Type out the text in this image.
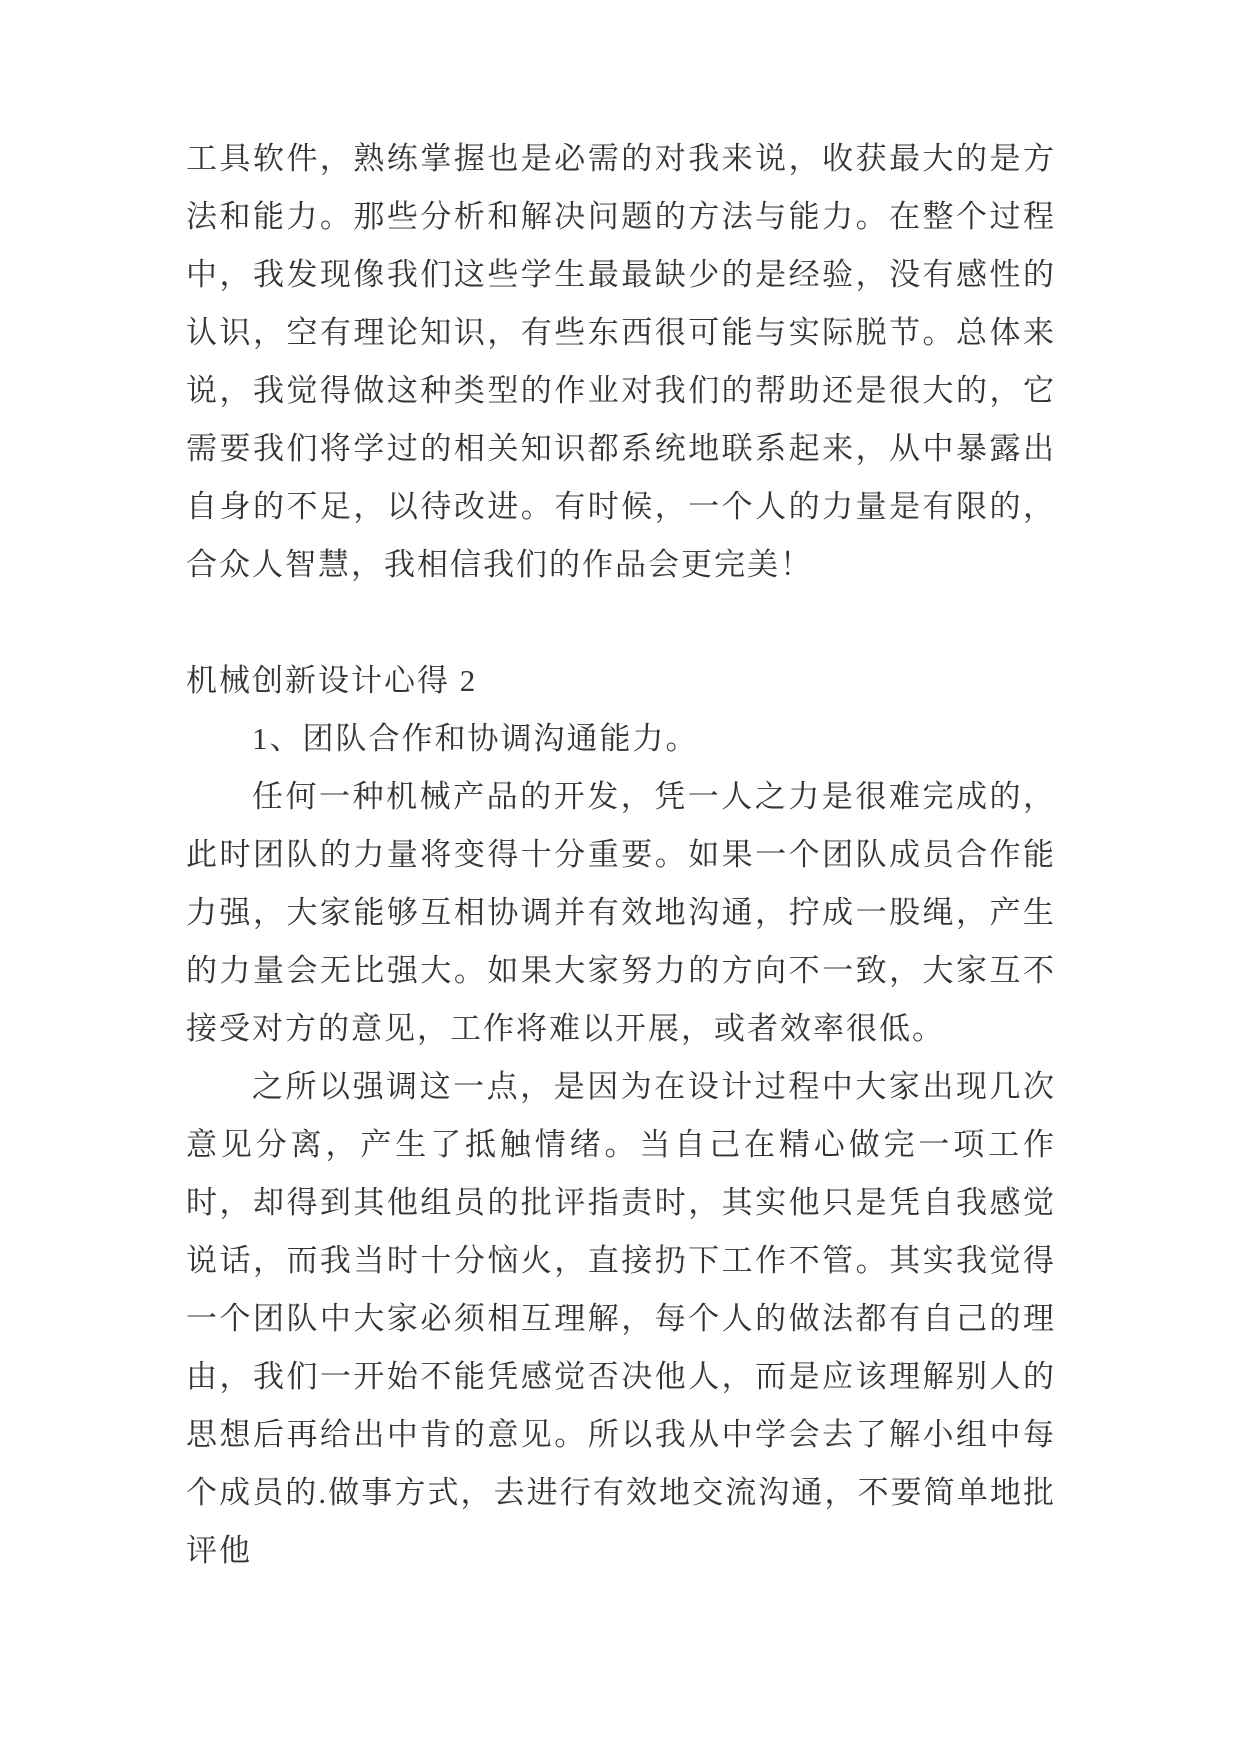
工具软件，熟练掌握也是必需的对我来说，收获最大的是方法和能力。那些分析和解决问题的方法与能力。在整个过程中，我发现像我们这些学生最最缺少的是经验，没有感性的认识，空有理论知识，有些东西很可能与实际脱节。总体来说，我觉得做这种类型的作业对我们的帮助还是很大的，它需要我们将学过的相关知识都系统地联系起来，从中暴露出自身的不足，以待改进。有时候，一个人的力量是有限的，合众人智慧，我相信我们的作品会更完美！

机械创新设计心得 2

1、团队合作和协调沟通能力。

任何一种机械产品的开发，凭一人之力是很难完成的，此时团队的力量将变得十分重要。如果一个团队成员合作能力强，大家能够互相协调并有效地沟通，拧成一股绳，产生的力量会无比强大。如果大家努力的方向不一致，大家互不接受对方的意见，工作将难以开展，或者效率很低。

之所以强调这一点，是因为在设计过程中大家出现几次意见分离，产生了抵触情绪。当自己在精心做完一项工作时，却得到其他组员的批评指责时，其实他只是凭自我感觉说话，而我当时十分恼火，直接扔下工作不管。其实我觉得一个团队中大家必须相互理解，每个人的做法都有自己的理由，我们一开始不能凭感觉否决他人，而是应该理解别人的思想后再给出中肯的意见。所以我从中学会去了解小组中每个成员的.做事方式，去进行有效地交流沟通，不要简单地批评他
